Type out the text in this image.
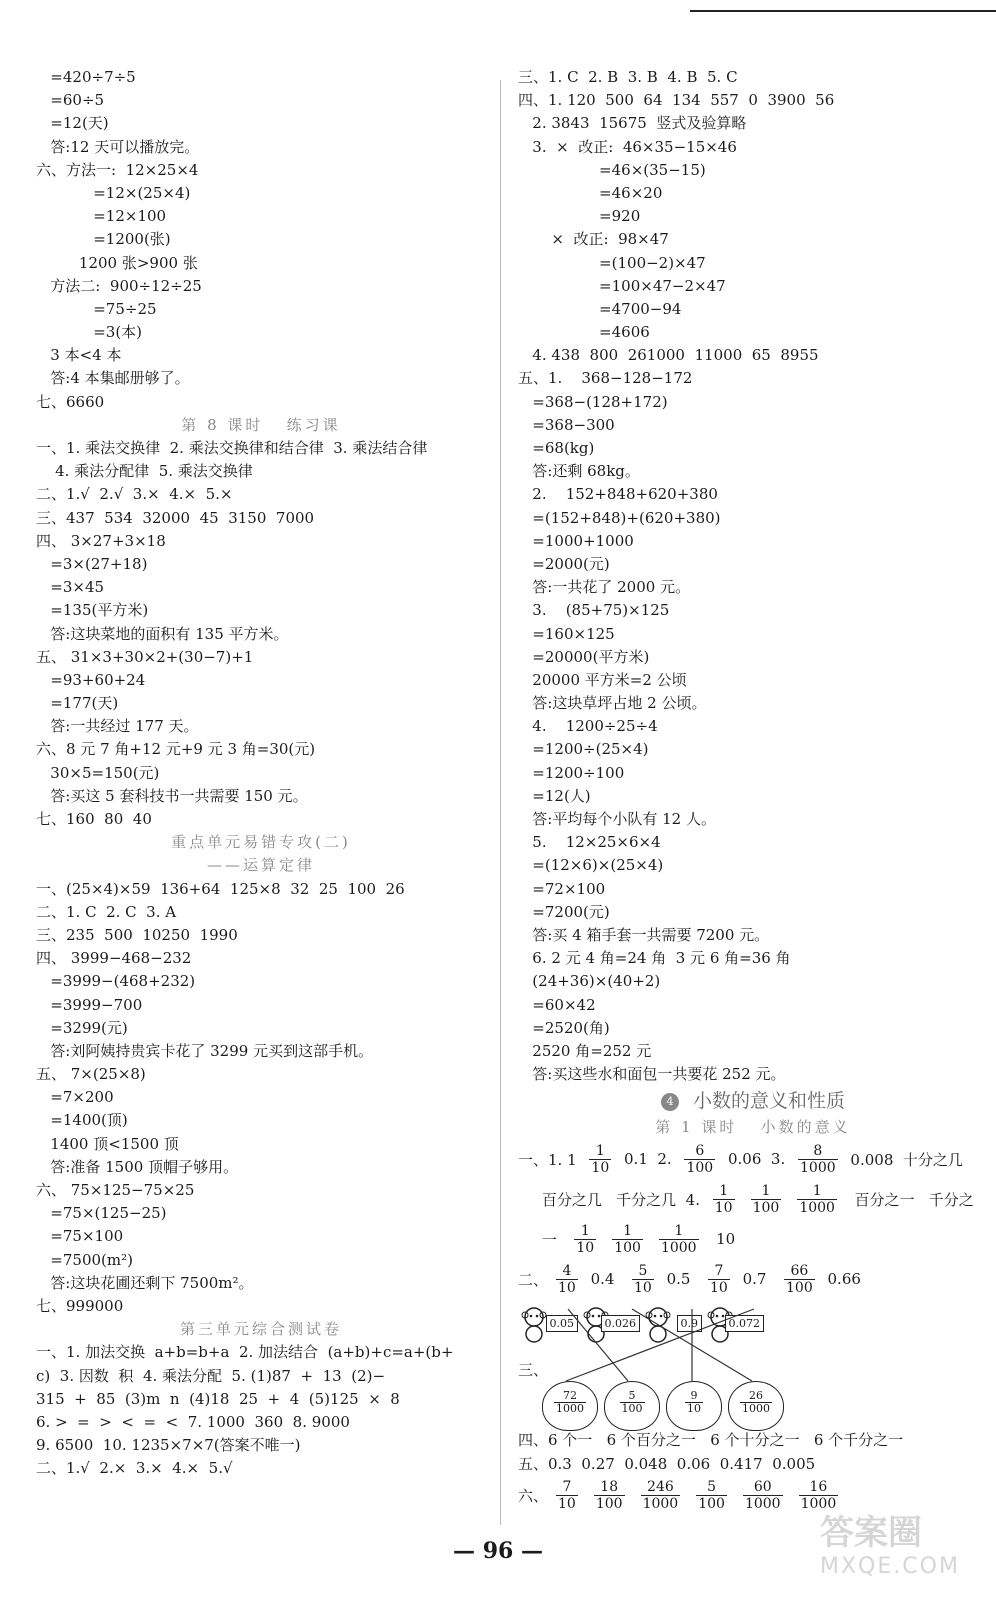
=420÷7÷5
=60÷5
=12(天)
答:12 天可以播放完。
六、方法一:  12×25×4
=12×(25×4)
=12×100
=1200(张)
1200 张>900 张
方法二:  900÷12÷25
=75÷25
=3(本)
3 本<4 本
答:4 本集邮册够了。
七、6660
第 8 课时   练习课
一、1. 乘法交换律  2. 乘法交换律和结合律  3. 乘法结合律
4. 乘法分配律  5. 乘法交换律
二、1.√  2.√  3.×  4.×  5.×
三、437  534  32000  45  3150  7000
四、 3×27+3×18
=3×(27+18)
=3×45
=135(平方米)
答:这块菜地的面积有 135 平方米。
五、 31×3+30×2+(30−7)+1
=93+60+24
=177(天)
答:一共经过 177 天。
六、8 元 7 角+12 元+9 元 3 角=30(元)
30×5=150(元)
答:买这 5 套科技书一共需要 150 元。
七、160  80  40
重点单元易错专攻(二)
——运算定律
一、(25×4)×59  136+64  125×8  32  25  100  26
二、1. C  2. C  3. A
三、235  500  10250  1990
四、 3999−468−232
=3999−(468+232)
=3999−700
=3299(元)
答:刘阿姨持贵宾卡花了 3299 元买到这部手机。
五、 7×(25×8)
=7×200
=1400(顶)
1400 顶<1500 顶
答:准备 1500 顶帽子够用。
六、 75×125−75×25
=75×(125−25)
=75×100
=7500(m²)
答:这块花圃还剩下 7500m²。
七、999000
第三单元综合测试卷
一、1. 加法交换  a+b=b+a  2. 加法结合  (a+b)+c=a+(b+
c)  3. 因数  积  4. 乘法分配  5. (1)87  +  13  (2)−
315  +  85  (3)m  n  (4)18  25  +  4  (5)125  ×  8
6. >  =  >  <  =  <  7. 1000  360  8. 9000
9. 6500  10. 1235×7×7(答案不唯一)
二、1.√  2.×  3.×  4.×  5.√
三、1. C  2. B  3. B  4. B  5. C
四、1. 120  500  64  134  557  0  3900  56
2. 3843  15675  竖式及验算略
3.  ×  改正:  46×35−15×46
=46×(35−15)
=46×20
=920
×  改正:  98×47
=(100−2)×47
=100×47−2×47
=4700−94
=4606
4. 438  800  261000  11000  65  8955
五、1.    368−128−172
=368−(128+172)
=368−300
=68(kg)
答:还剩 68kg。
2.    152+848+620+380
=(152+848)+(620+380)
=1000+1000
=2000(元)
答:一共花了 2000 元。
3.    (85+75)×125
=160×125
=20000(平方米)
20000 平方米=2 公顷
答:这块草坪占地 2 公顷。
4.    1200÷25÷4
=1200÷(25×4)
=1200÷100
=12(人)
答:平均每个小队有 12 人。
5.    12×25×6×4
=(12×6)×(25×4)
=72×100
=7200(元)
答:买 4 箱手套一共需要 7200 元。
6. 2 元 4 角=24 角  3 元 6 角=36 角
(24+36)×(40+2)
=60×42
=2520(角)
2520 角=252 元
答:买这些水和面包一共要花 252 元。
4 小数的意义和性质
第 1 课时   小数的意义
一、1. $1 \frac{1}{10} 0.1$  2. $\frac{6}{100} 0.06$  3. $\frac{8}{1000} 0.008$  十分之几
百分之几   千分之几  4. $\frac{1}{10} \frac{1}{100} \frac{1}{1000}$ 百分之一   千分之
一 $\frac{1}{10} \frac{1}{100} \frac{1}{1000} 10$
二、 $\frac{4}{10} 0.4 \frac{5}{10} 0.5 \frac{7}{10} 0.7 \frac{66}{100} 0.66$
0.05	0.026	0.9	0.072
三、
$\frac{72}{1000}$	$\frac{5}{100}$	$\frac{9}{10}$	$\frac{26}{1000}$
四、6 个一   6 个百分之一   6 个十分之一   6 个千分之一
五、0.3  0.27  0.048  0.06  0.417  0.005
六、 $\frac{7}{10} \frac{18}{100} \frac{246}{1000} \frac{5}{100} \frac{60}{1000} \frac{16}{1000}$
— 96 —	答案圈
MXQE.COM
